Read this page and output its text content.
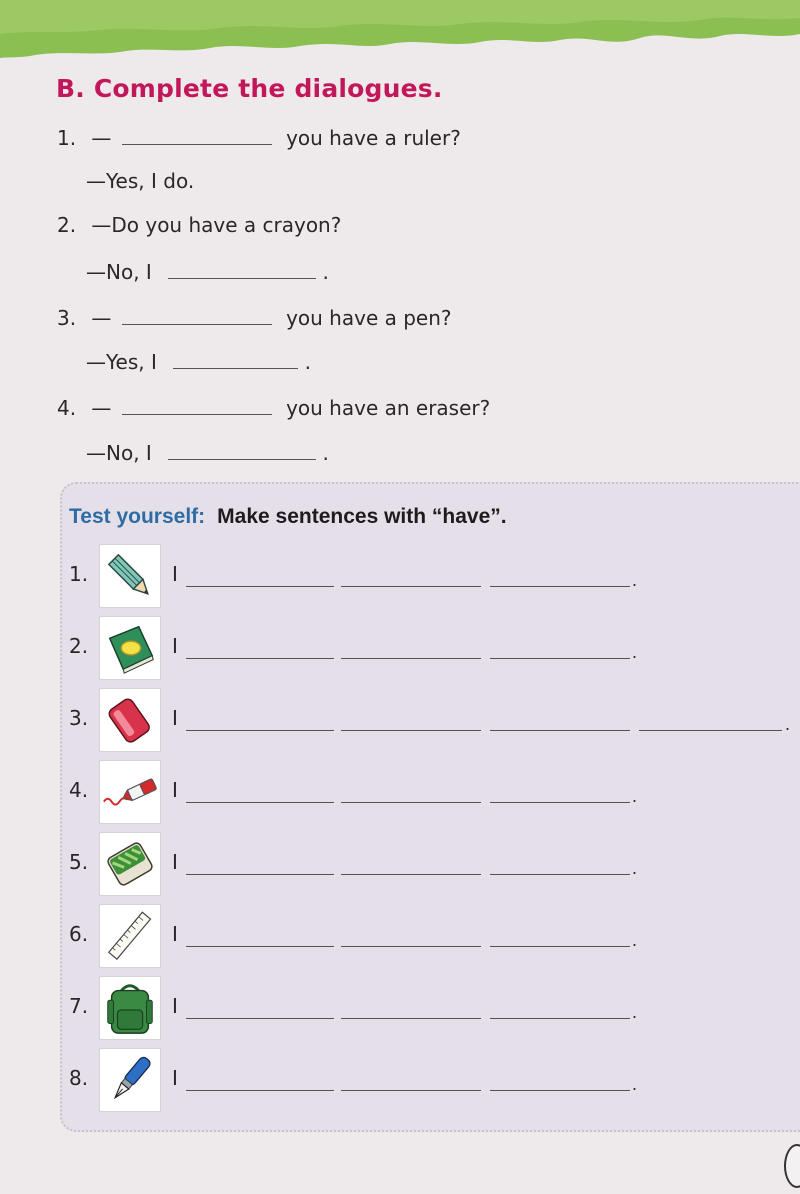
B. Complete the dialogues.
1. —	you have a ruler?
—Yes, I do.
2. —Do you have a crayon?
—No, I	.
3. —	you have a pen?
—Yes, I	.
4. —	you have an eraser?
—No, I	.
Test yourself: Make sentences with “have”.
1.	I	.
2.	I	.
3.	I	.
4.	I	.
5.	I	.
6.	I	.
7.	I	.
8.	I	.
